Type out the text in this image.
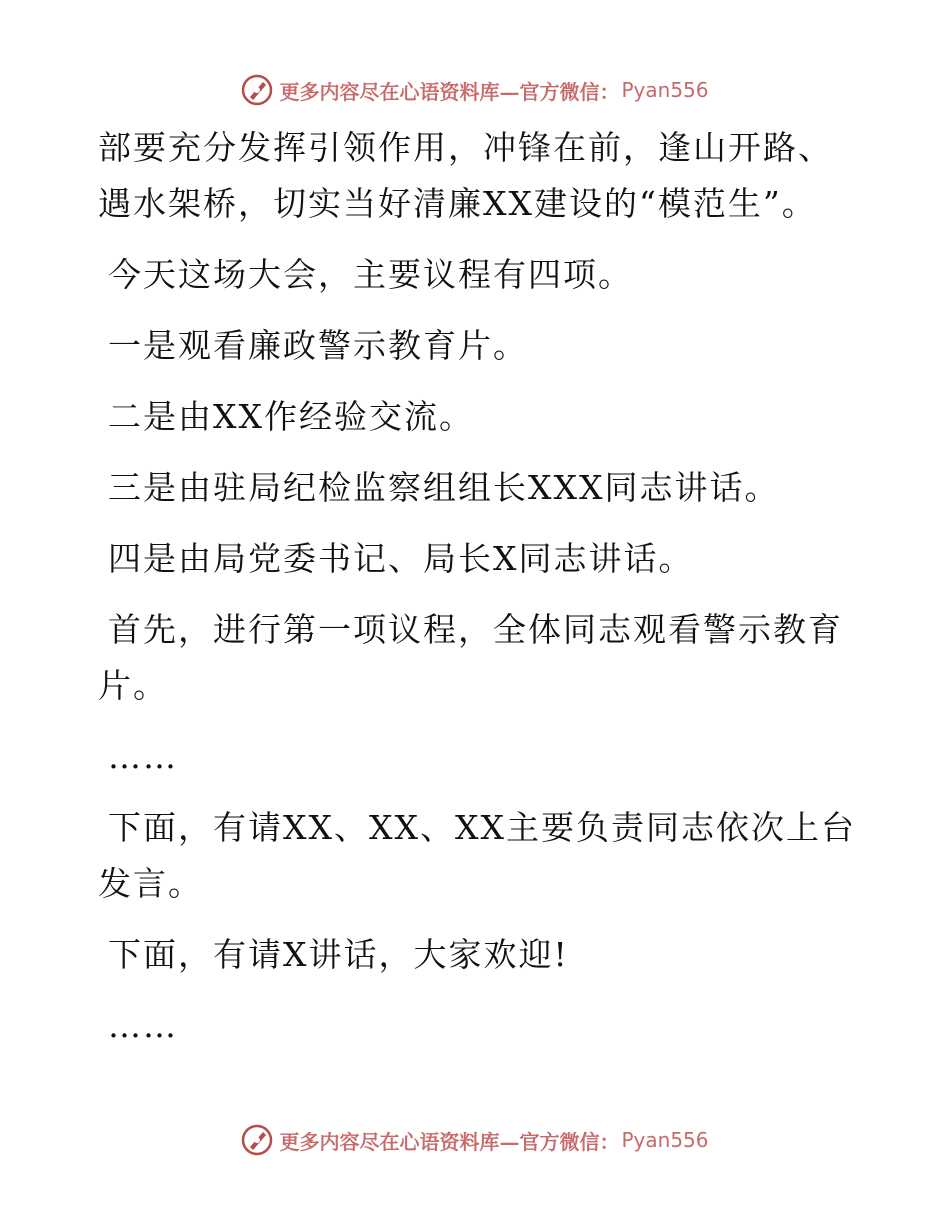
更多内容尽在心语资料库—官方微信： Pyan556

部要充分发挥引领作用，冲锋在前，逢山开路、遇水架桥，切实当好清廉XX建设的“模范生”。

今天这场大会，主要议程有四项。

一是观看廉政警示教育片。

二是由XX作经验交流。

三是由驻局纪检监察组组长XXX同志讲话。

四是由局党委书记、局长X同志讲话。

首先，进行第一项议程，全体同志观看警示教育片。

……

下面，有请XX、XX、XX主要负责同志依次上台发言。

下面，有请X讲话，大家欢迎!

……

更多内容尽在心语资料库—官方微信： Pyan556
